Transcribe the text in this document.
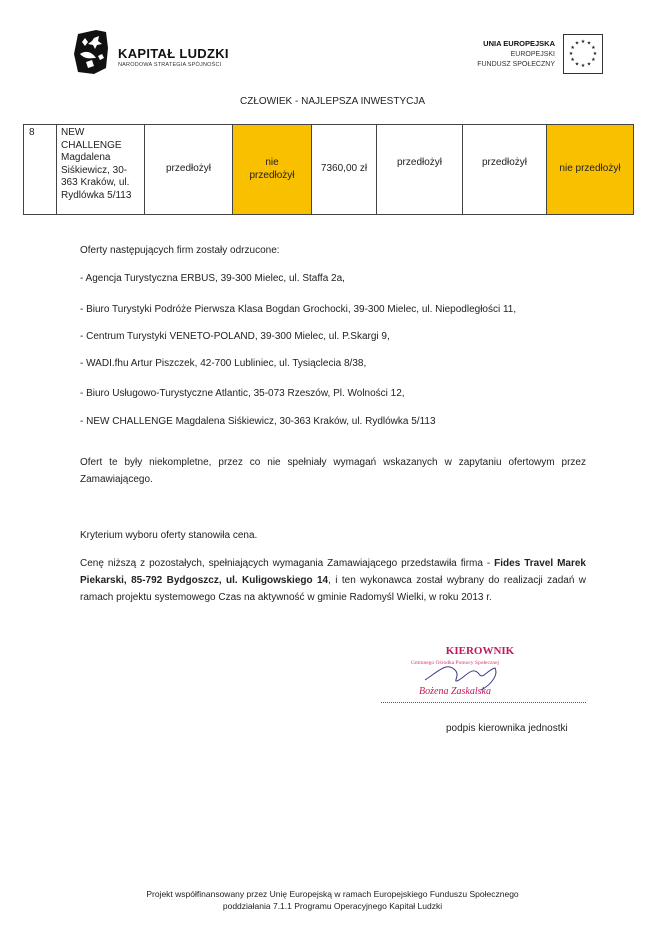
KAPITAŁ LUDZKI
NARODOWA STRATEGIA SPÓJNOŚCI
UNIA EUROPEJSKA
EUROPEJSKI
FUNDUSZ SPOŁECZNY
★ ★
★
★
★
★
★
★
★
★
★
★
CZŁOWIEK - NAJLEPSZA INWESTYCJA
8	NEW
CHALLENGE
Magdalena
Siśkiewicz, 30-
363 Kraków, ul.
Rydlówka 5/113
	przedłożył	
nie
przedłożył
	7360,00 zł	przedłożył	przedłożył	nie przedłożył
Oferty następujących firm zostały odrzucone:
- Agencja Turystyczna ERBUS, 39-300 Mielec, ul. Staffa 2a,
- Biuro Turystyki Podróże Pierwsza Klasa Bogdan Grochocki, 39-300 Mielec, ul. Niepodległości 11,
- Centrum Turystyki VENETO-POLAND, 39-300 Mielec, ul. P.Skargi 9,
- WADI.fhu Artur Piszczek, 42-700 Lubliniec, ul. Tysiąclecia 8/38,
- Biuro Usługowo-Turystyczne Atlantic, 35-073 Rzeszów, Pl. Wolności 12,
- NEW CHALLENGE Magdalena Siśkiewicz, 30-363 Kraków, ul. Rydlówka 5/113
Ofert te były niekompletne, przez co nie spełniały wymagań wskazanych w zapytaniu ofertowym przez Zamawiającego.
Kryterium wyboru oferty stanowiła cena.
Cenę niższą z pozostałych, spełniających wymagania Zamawiającego przedstawiła firma - Fides Travel Marek Piekarski, 85-792 Bydgoszcz, ul. Kuligowskiego 14, i ten wykonawca został wybrany do realizacji zadań w ramach projektu systemowego Czas na aktywność w gminie Radomyśl Wielki, w roku 2013 r.
KIEROWNIK
Gminnego Ośrodka Pomocy Społecznej
Bożena Zaskalska
podpis kierownika jednostki
Projekt współfinansowany przez Unię Europejską w ramach Europejskiego Funduszu Społecznego
poddziałania 7.1.1 Programu Operacyjnego Kapitał Ludzki
